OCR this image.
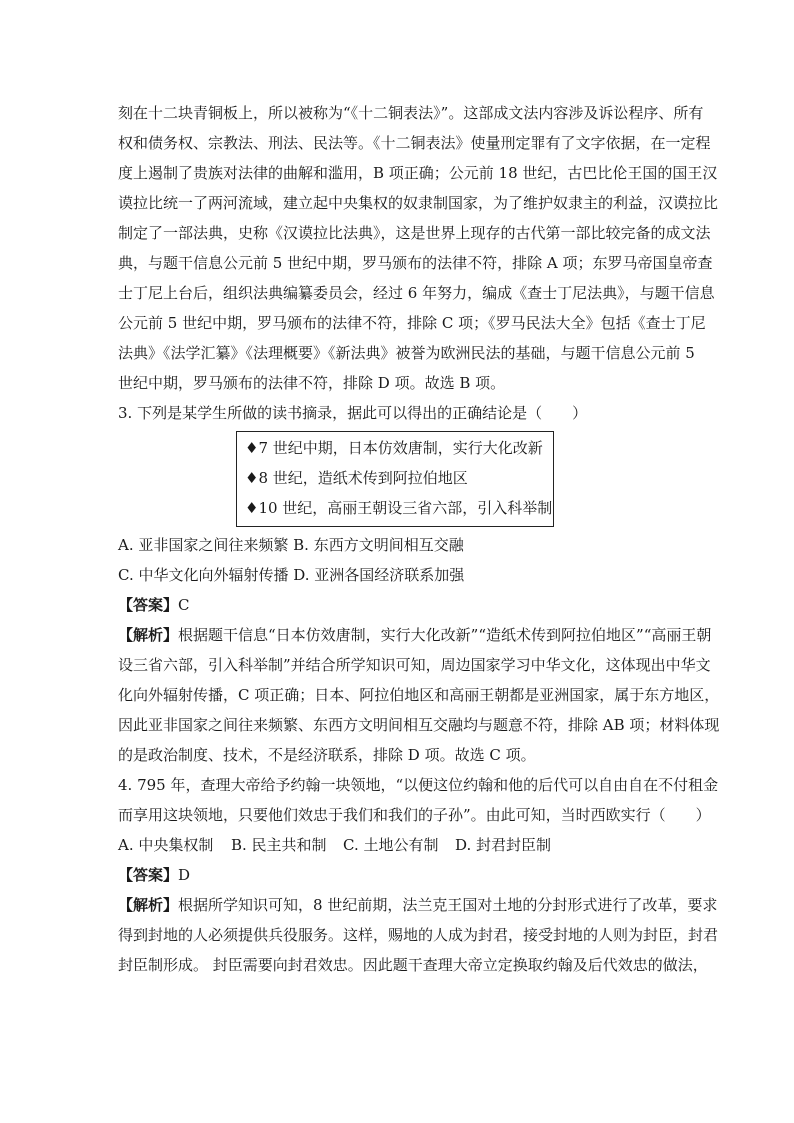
刻在十二块青铜板上，所以被称为“《十二铜表法》”。这部成文法内容涉及诉讼程序、所有
权和债务权、宗教法、刑法、民法等。《十二铜表法》使量刑定罪有了文字依据，在一定程
度上遏制了贵族对法律的曲解和滥用，B 项正确；公元前 18 世纪，古巴比伦王国的国王汉
谟拉比统一了两河流域，建立起中央集权的奴隶制国家，为了维护奴隶主的利益，汉谟拉比
制定了一部法典，史称《汉谟拉比法典》，这是世界上现存的古代第一部比较完备的成文法
典，与题干信息公元前 5 世纪中期，罗马颁布的法律不符，排除 A 项；东罗马帝国皇帝查
士丁尼上台后，组织法典编纂委员会，经过 6 年努力，编成《查士丁尼法典》，与题干信息
公元前 5 世纪中期，罗马颁布的法律不符，排除 C 项；《罗马民法大全》包括《查士丁尼
法典》《法学汇纂》《法理概要》《新法典》被誉为欧洲民法的基础，与题干信息公元前 5
世纪中期，罗马颁布的法律不符，排除 D 项。故选 B 项。
3. 下列是某学生所做的读书摘录，据此可以得出的正确结论是（　　）
♦7 世纪中期，日本仿效唐制，实行大化改新
♦8 世纪，造纸术传到阿拉伯地区
♦10 世纪，高丽王朝设三省六部，引入科举制
A. 亚非国家之间往来频繁 B. 东西方文明间相互交融
C. 中华文化向外辐射传播 D. 亚洲各国经济联系加强
【答案】C
【解析】根据题干信息“日本仿效唐制，实行大化改新”“造纸术传到阿拉伯地区”“高丽王朝
设三省六部，引入科举制”并结合所学知识可知，周边国家学习中华文化，这体现出中华文
化向外辐射传播，C 项正确；日本、阿拉伯地区和高丽王朝都是亚洲国家，属于东方地区，
因此亚非国家之间往来频繁、东西方文明间相互交融均与题意不符，排除 AB 项；材料体现
的是政治制度、技术，不是经济联系，排除 D 项。故选 C 项。
4. 795 年，查理大帝给予约翰一块领地，“以便这位约翰和他的后代可以自由自在不付租金
而享用这块领地，只要他们效忠于我们和我们的子孙”。由此可知，当时西欧实行（　　）
A. 中央集权制	B. 民主共和制	C. 土地公有制	D. 封君封臣制
【答案】D
【解析】根据所学知识可知，8 世纪前期，法兰克王国对土地的分封形式进行了改革，要求
得到封地的人必须提供兵役服务。这样，赐地的人成为封君，接受封地的人则为封臣，封君
封臣制形成。 封臣需要向封君效忠。因此题干查理大帝立定换取约翰及后代效忠的做法，
